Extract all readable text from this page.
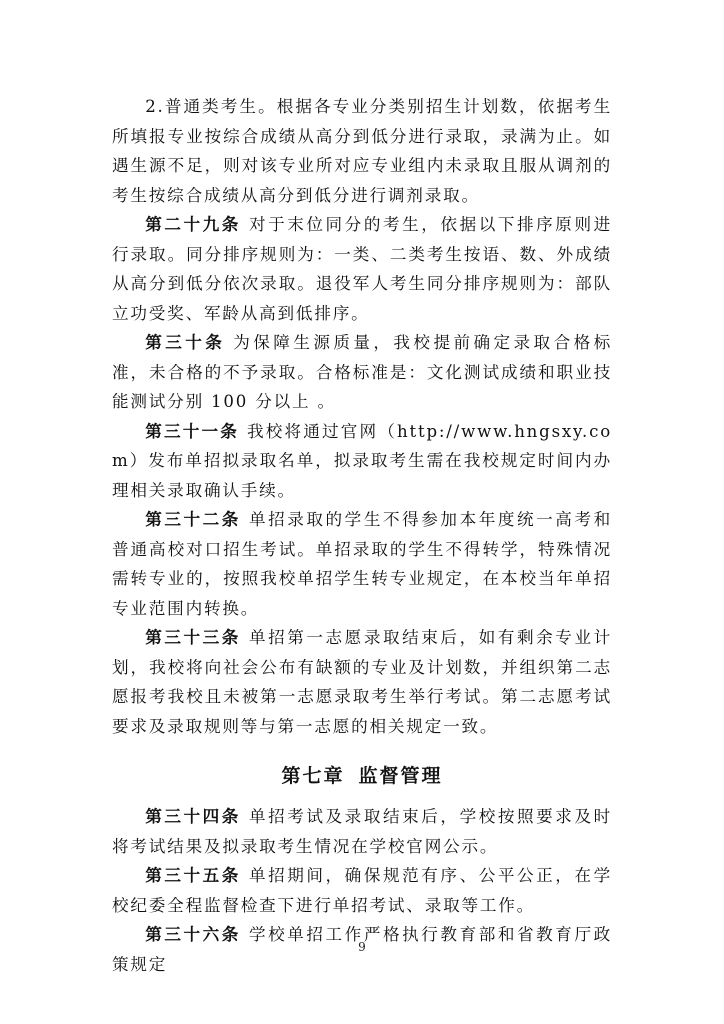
2.普通类考生。根据各专业分类别招生计划数，依据考生所填报专业按综合成绩从高分到低分进行录取，录满为止。如遇生源不足，则对该专业所对应专业组内未录取且服从调剂的考生按综合成绩从高分到低分进行调剂录取。

第二十九条 对于末位同分的考生，依据以下排序原则进行录取。同分排序规则为：一类、二类考生按语、数、外成绩从高分到低分依次录取。退役军人考生同分排序规则为：部队立功受奖、军龄从高到低排序。

第三十条 为保障生源质量，我校提前确定录取合格标准，未合格的不予录取。合格标准是：文化测试成绩和职业技能测试分别 100 分以上 。

第三十一条 我校将通过官网（http://www.hngsxy.com）发布单招拟录取名单，拟录取考生需在我校规定时间内办理相关录取确认手续。

第三十二条 单招录取的学生不得参加本年度统一高考和普通高校对口招生考试。单招录取的学生不得转学，特殊情况需转专业的，按照我校单招学生转专业规定，在本校当年单招专业范围内转换。

第三十三条 单招第一志愿录取结束后，如有剩余专业计划，我校将向社会公布有缺额的专业及计划数，并组织第二志愿报考我校且未被第一志愿录取考生举行考试。第二志愿考试要求及录取规则等与第一志愿的相关规定一致。

第七章 监督管理

第三十四条 单招考试及录取结束后，学校按照要求及时将考试结果及拟录取考生情况在学校官网公示。

第三十五条 单招期间，确保规范有序、公平公正，在学校纪委全程监督检查下进行单招考试、录取等工作。

第三十六条 学校单招工作严格执行教育部和省教育厅政策规定

9
